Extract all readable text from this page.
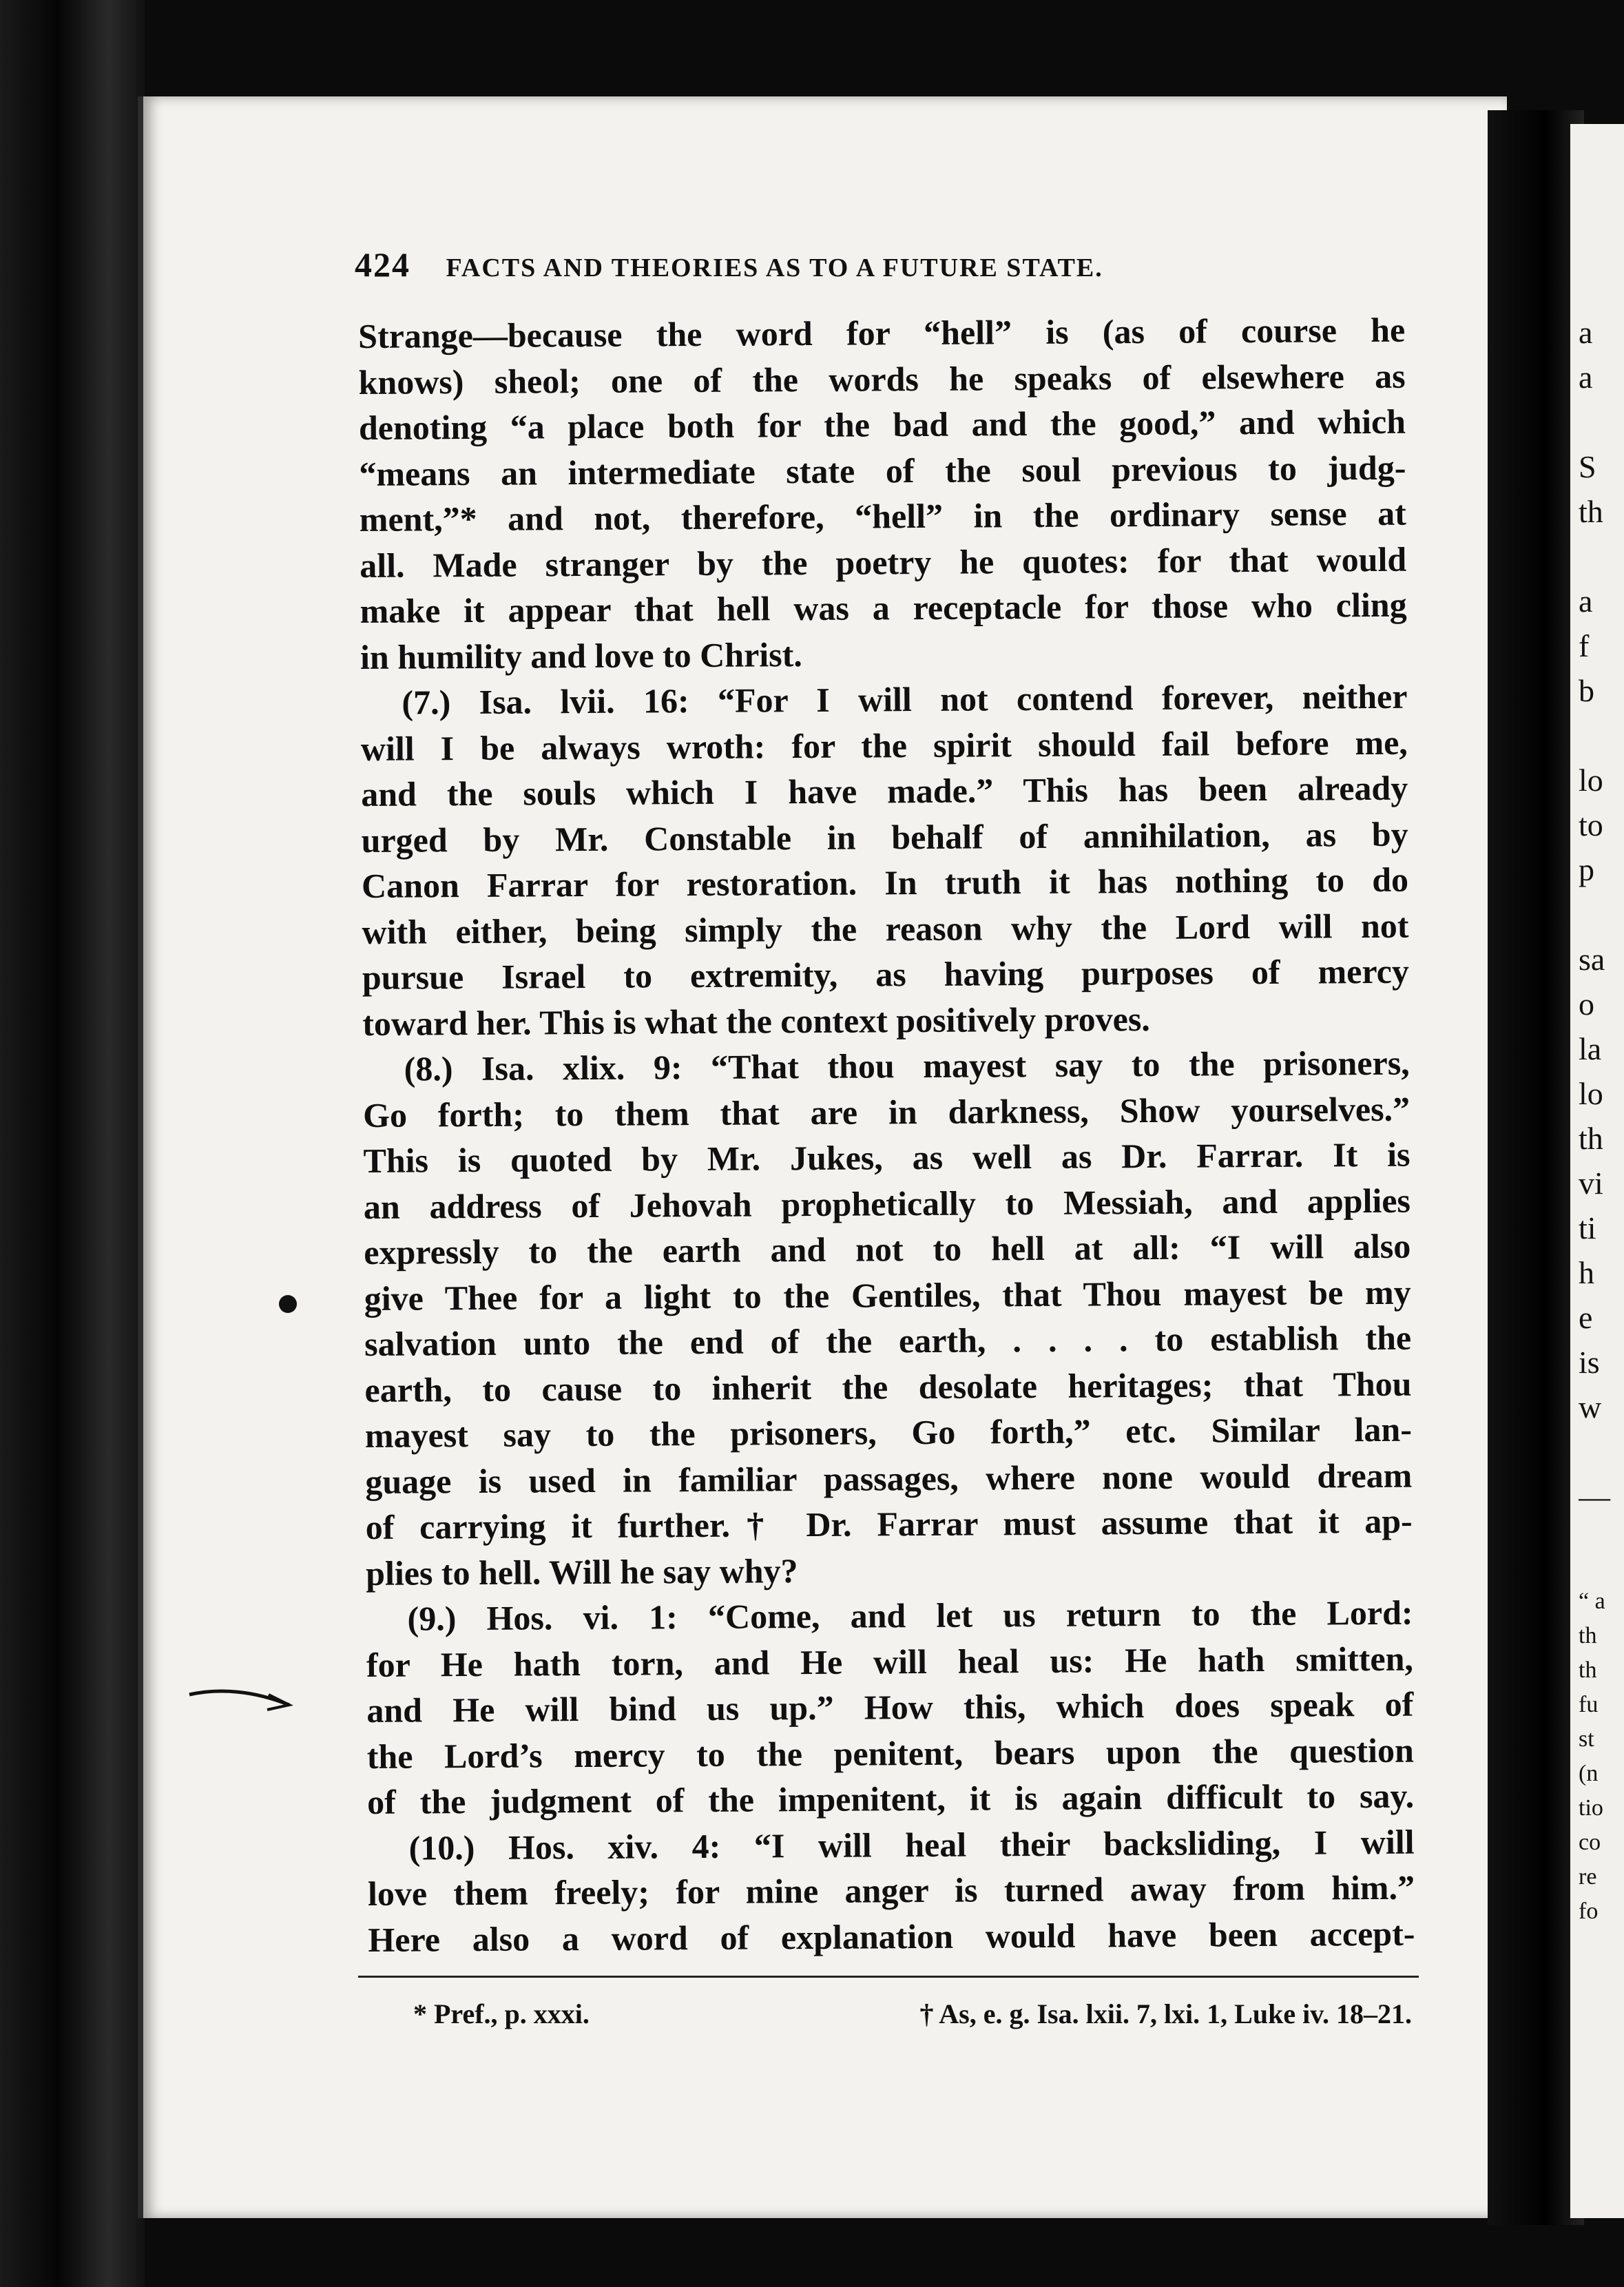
a
a
S
th
a
f
b
lo
to
p
sa
o
la
lo
th
vi
ti
h
e
is
w
—
“ a
th
th
fu
st
(n
tio
co
re
fo
424 FACTS AND THEORIES AS TO A FUTURE STATE.
Strange—because the word for “hell” is (as of course he
knows) sheol; one of the words he speaks of elsewhere as
denoting “a place both for the bad and the good,” and which
“means an intermediate state of the soul previous to judg-
ment,”* and not, therefore, “hell” in the ordinary sense at
all. Made stranger by the poetry he quotes: for that would
make it appear that hell was a receptacle for those who cling
in humility and love to Christ.
(7.) Isa. lvii. 16: “For I will not contend forever, neither
will I be always wroth: for the spirit should fail before me,
and the souls which I have made.” This has been already
urged by Mr. Constable in behalf of annihilation, as by
Canon Farrar for restoration. In truth it has nothing to do
with either, being simply the reason why the Lord will not
pursue Israel to extremity, as having purposes of mercy
toward her. This is what the context positively proves.
(8.) Isa. xlix. 9: “That thou mayest say to the prisoners,
Go forth; to them that are in darkness, Show yourselves.”
This is quoted by Mr. Jukes, as well as Dr. Farrar. It is
an address of Jehovah prophetically to Messiah, and applies
expressly to the earth and not to hell at all: “I will also
give Thee for a light to the Gentiles, that Thou mayest be my
salvation unto the end of the earth, . . . . to establish the
earth, to cause to inherit the desolate heritages; that Thou
mayest say to the prisoners, Go forth,” etc. Similar lan-
guage is used in familiar passages, where none would dream
of carrying it further.† Dr. Farrar must assume that it ap-
plies to hell. Will he say why?
(9.) Hos. vi. 1: “Come, and let us return to the Lord:
for He hath torn, and He will heal us: He hath smitten,
and He will bind us up.” How this, which does speak of
the Lord’s mercy to the penitent, bears upon the question
of the judgment of the impenitent, it is again difficult to say.
(10.) Hos. xiv. 4: “I will heal their backsliding, I will
love them freely; for mine anger is turned away from him.”
Here also a word of explanation would have been accept-
* Pref., p. xxxi.	† As, e. g. Isa. lxii. 7, lxi. 1, Luke iv. 18–21.
